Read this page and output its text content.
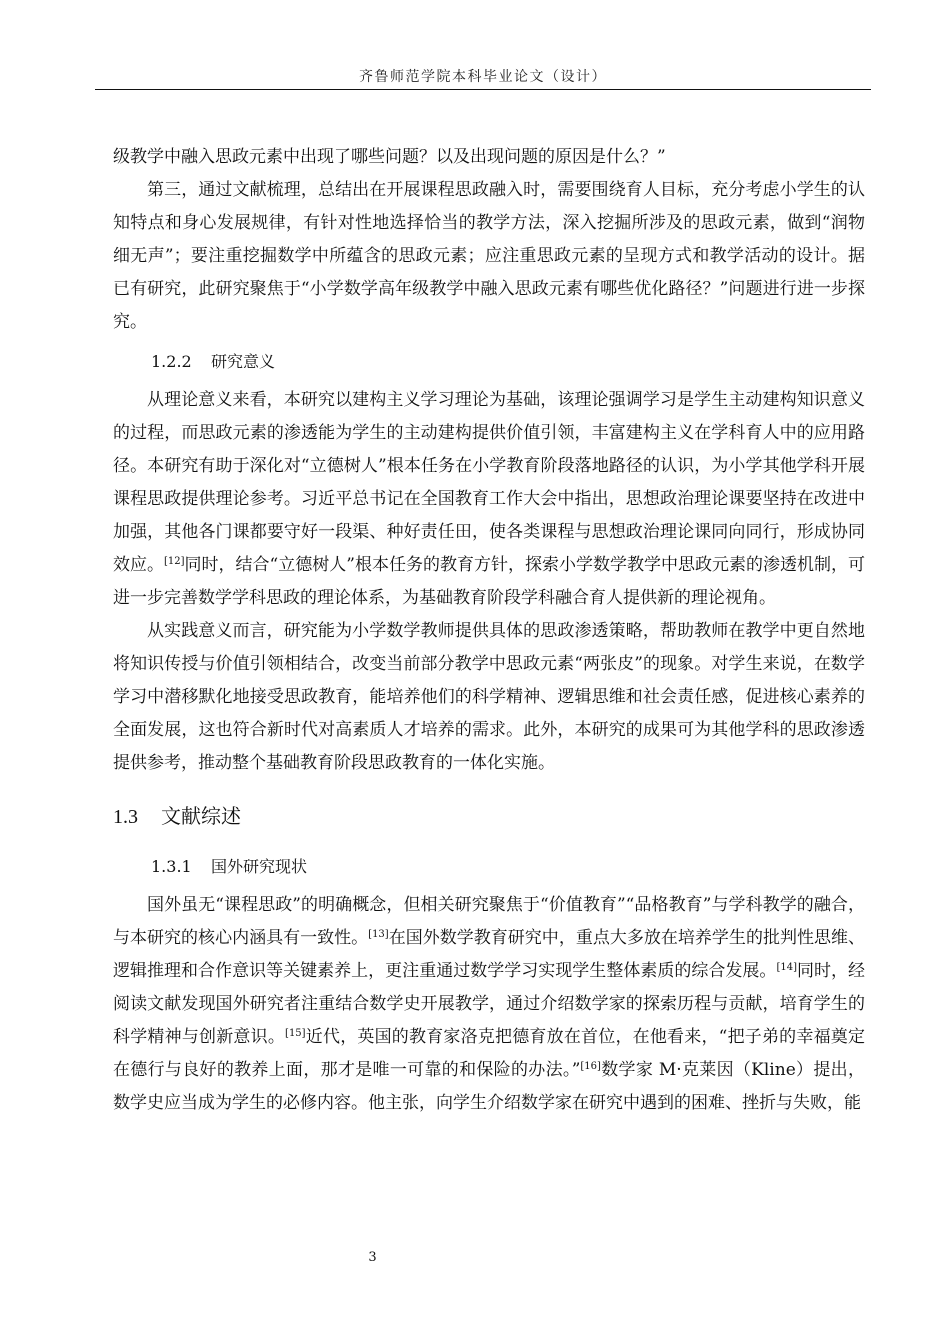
齐鲁师范学院本科毕业论文（设计）

级教学中融入思政元素中出现了哪些问题？以及出现问题的原因是什么？”

第三，通过文献梳理，总结出在开展课程思政融入时，需要围绕育人目标，充分考虑小学生的认知特点和身心发展规律，有针对性地选择恰当的教学方法，深入挖掘所涉及的思政元素，做到“润物细无声”；要注重挖掘数学中所蕴含的思政元素；应注重思政元素的呈现方式和教学活动的设计。据已有研究，此研究聚焦于“小学数学高年级教学中融入思政元素有哪些优化路径？”问题进行进一步探究。

1.2.2 研究意义

从理论意义来看，本研究以建构主义学习理论为基础，该理论强调学习是学生主动建构知识意义的过程，而思政元素的渗透能为学生的主动建构提供价值引领，丰富建构主义在学科育人中的应用路径。本研究有助于深化对“立德树人”根本任务在小学教育阶段落地路径的认识，为小学其他学科开展课程思政提供理论参考。习近平总书记在全国教育工作大会中指出，思想政治理论课要坚持在改进中加强，其他各门课都要守好一段渠、种好责任田，使各类课程与思想政治理论课同向同行，形成协同效应。[12]同时，结合“立德树人”根本任务的教育方针，探索小学数学教学中思政元素的渗透机制，可进一步完善数学学科思政的理论体系，为基础教育阶段学科融合育人提供新的理论视角。

从实践意义而言，研究能为小学数学教师提供具体的思政渗透策略，帮助教师在教学中更自然地将知识传授与价值引领相结合，改变当前部分教学中思政元素“两张皮”的现象。对学生来说，在数学学习中潜移默化地接受思政教育，能培养他们的科学精神、逻辑思维和社会责任感，促进核心素养的全面发展，这也符合新时代对高素质人才培养的需求。此外，本研究的成果可为其他学科的思政渗透提供参考，推动整个基础教育阶段思政教育的一体化实施。

1.3 文献综述
1.3.1 国外研究现状

国外虽无“课程思政”的明确概念，但相关研究聚焦于“价值教育”“品格教育”与学科教学的融合，与本研究的核心内涵具有一致性。[13]在国外数学教育研究中，重点大多放在培养学生的批判性思维、逻辑推理和合作意识等关键素养上，更注重通过数学学习实现学生整体素质的综合发展。[14]同时，经阅读文献发现国外研究者注重结合数学史开展教学，通过介绍数学家的探索历程与贡献，培育学生的科学精神与创新意识。[15]近代，英国的教育家洛克把德育放在首位，在他看来，“把子弟的幸福奠定在德行与良好的教养上面，那才是唯一可靠的和保险的办法。”[16]数学家 M·克莱因（Kline）提出，数学史应当成为学生的必修内容。他主张，向学生介绍数学家在研究中遇到的困难、挫折与失败，能

3
